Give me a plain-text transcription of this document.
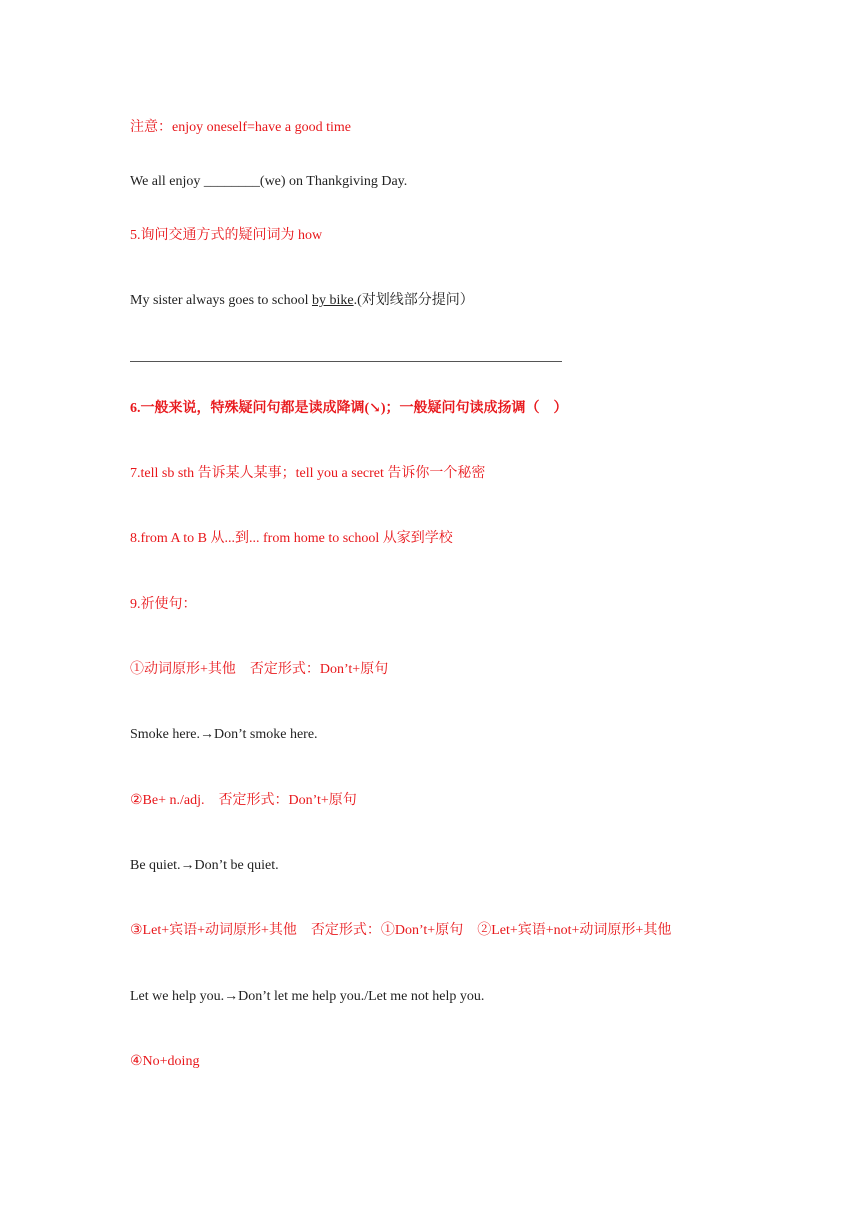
注意：enjoy oneself=have a good time
We all enjoy ________(we) on Thankgiving Day.
5.询问交通方式的疑问词为 how
My sister always goes to school by bike.(对划线部分提问）
6.一般来说，特殊疑问句都是读成降调(↘)；一般疑问句读成扬调（　）
7.tell sb sth 告诉某人某事；tell you a secret 告诉你一个秘密
8.from A to B 从...到... from home to school 从家到学校
9.祈使句：
①动词原形+其他　否定形式：Don’t+原句
Smoke here.→Don’t smoke here.
②Be+ n./adj.　否定形式：Don’t+原句
Be quiet.→Don’t be quiet.
③Let+宾语+动词原形+其他　否定形式：①Don’t+原句　②Let+宾语+not+动词原形+其他
Let we help you.→Don’t let me help you./Let me not help you.
④No+doing
